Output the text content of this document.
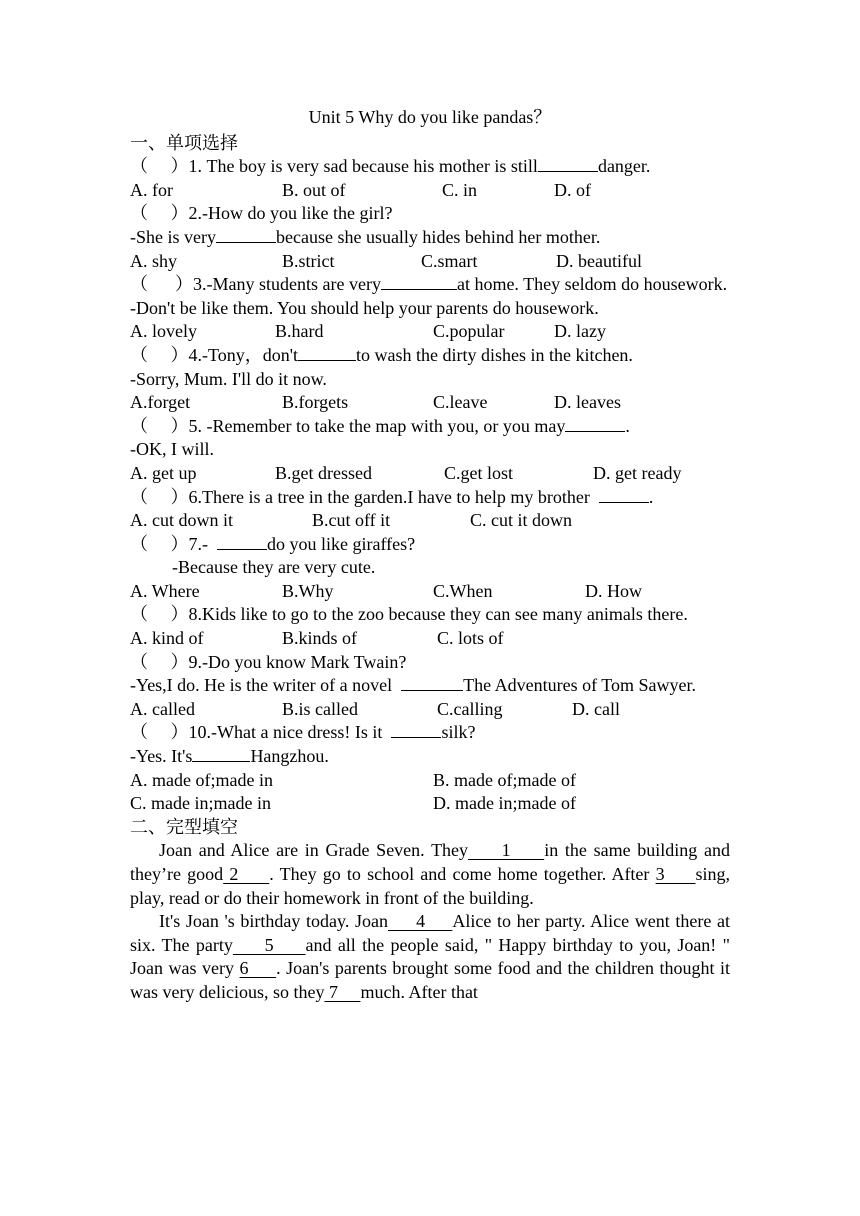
Unit 5 Why do you like pandas？
一、单项选择
（     ）1. The boy is very sad because his mother is still	danger.
A. for	B. out of	C. in	D. of
（     ）2.-How do you like the girl?
-She is very	because she usually hides behind her mother.
A. shy	B.strict	C.smart	D. beautiful
（      ）3.-Many students are very	at home. They seldom do housework.
-Don't be like them. You should help your parents do housework.
A. lovely	B.hard	C.popular	D. lazy
（     ）4.-Tony，don't	to wash the dirty dishes in the kitchen.
-Sorry, Mum. I'll do it now.
A.forget	B.forgets	C.leave	D. leaves
（     ）5. -Remember to take the map with you, or you may	.
-OK, I will.
A. get up	B.get dressed	C.get lost	D. get ready
（     ）6.There is a tree in the garden.I have to help my brother	.
A. cut down it	B.cut off it	C. cut it down
（     ）7.-	do you like giraffes?
-Because they are very cute.
A. Where	B.Why	C.When	D. How
（     ）8.Kids like to go to the zoo because they can see many animals there.
A. kind of	B.kinds of	C. lots of
（     ）9.-Do you know Mark Twain?
-Yes,I do. He is the writer of a novel	The Adventures of Tom Sawyer.
A. called	B.is called	C.calling	D. call
（     ）10.-What a nice dress! Is it	silk?
-Yes. It's	Hangzhou.
A. made of;made in	B. made of;made of
C. made in;made in	D. made in;made of
二、完型填空
Joan and Alice are in Grade Seven. They     1     in the same building and they’re good 2     . They go to school and come home together. After 3     sing, play, read or do their homework in front of the building.
It's Joan 's birthday today. Joan     4     Alice to her party. Alice went there at six. The party     5     and all the people said, " Happy birthday to you, Joan! "    Joan was very 6     . Joan's parents brought some food and the children thought it was very delicious, so they 7     much. After that
